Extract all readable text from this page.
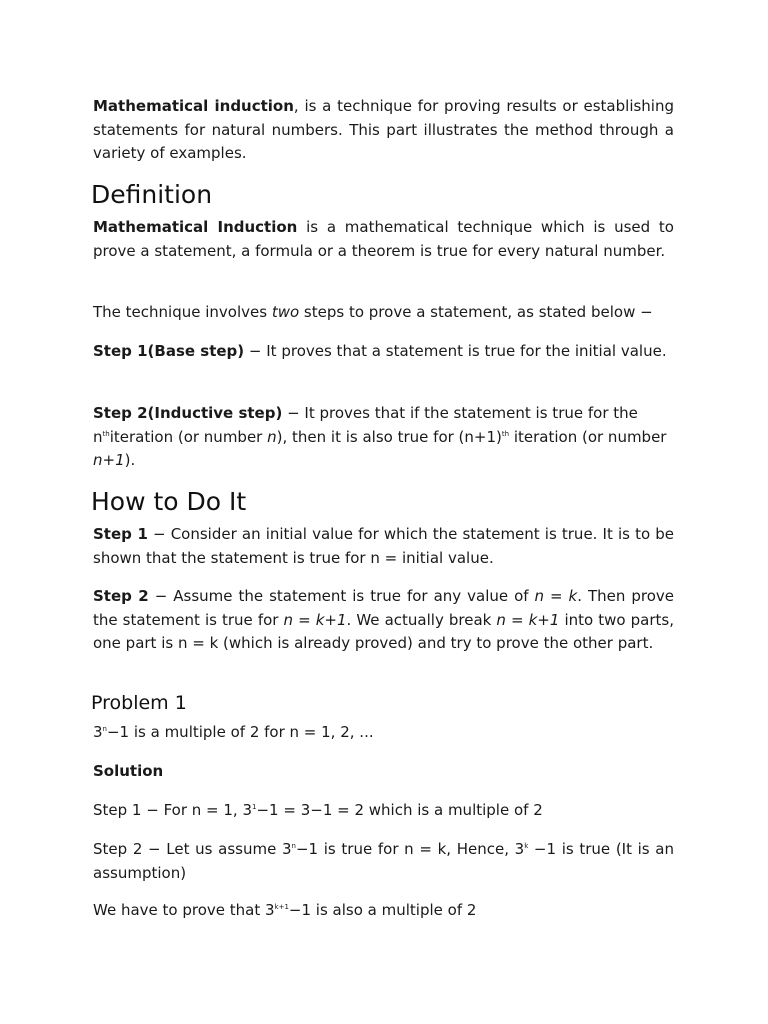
Mathematical induction, is a technique for proving results or establishing statements for natural numbers. This part illustrates the method through a variety of examples.

Definition

Mathematical Induction is a mathematical technique which is used to prove a statement, a formula or a theorem is true for every natural number.

The technique involves two steps to prove a statement, as stated below −

Step 1(Base step) − It proves that a statement is true for the initial value.

Step 2(Inductive step) − It proves that if the statement is true for the $n^{th}iteration$ (or number n), then it is also true for $(n+1)^{th}$ iteration (or number n+1).

How to Do It

Step 1 − Consider an initial value for which the statement is true. It is to be shown that the statement is true for n = initial value.

Step 2 − Assume the statement is true for any value of n = k. Then prove the statement is true for n = k+1. We actually break n = k+1 into two parts, one part is n = k (which is already proved) and try to prove the other part.

Problem 1

$3^n-1$ is a multiple of 2 for n = 1, 2, ...

Solution

Step 1 − For n = 1, $3^1-1 = 3-1 = 2$ which is a multiple of 2

Step 2 − Let us assume $3^n-1$ is true for n = k, Hence, $3^k -1$ is true (It is an assumption)

We have to prove that $3^{k+1}-1$ is also a multiple of 2
